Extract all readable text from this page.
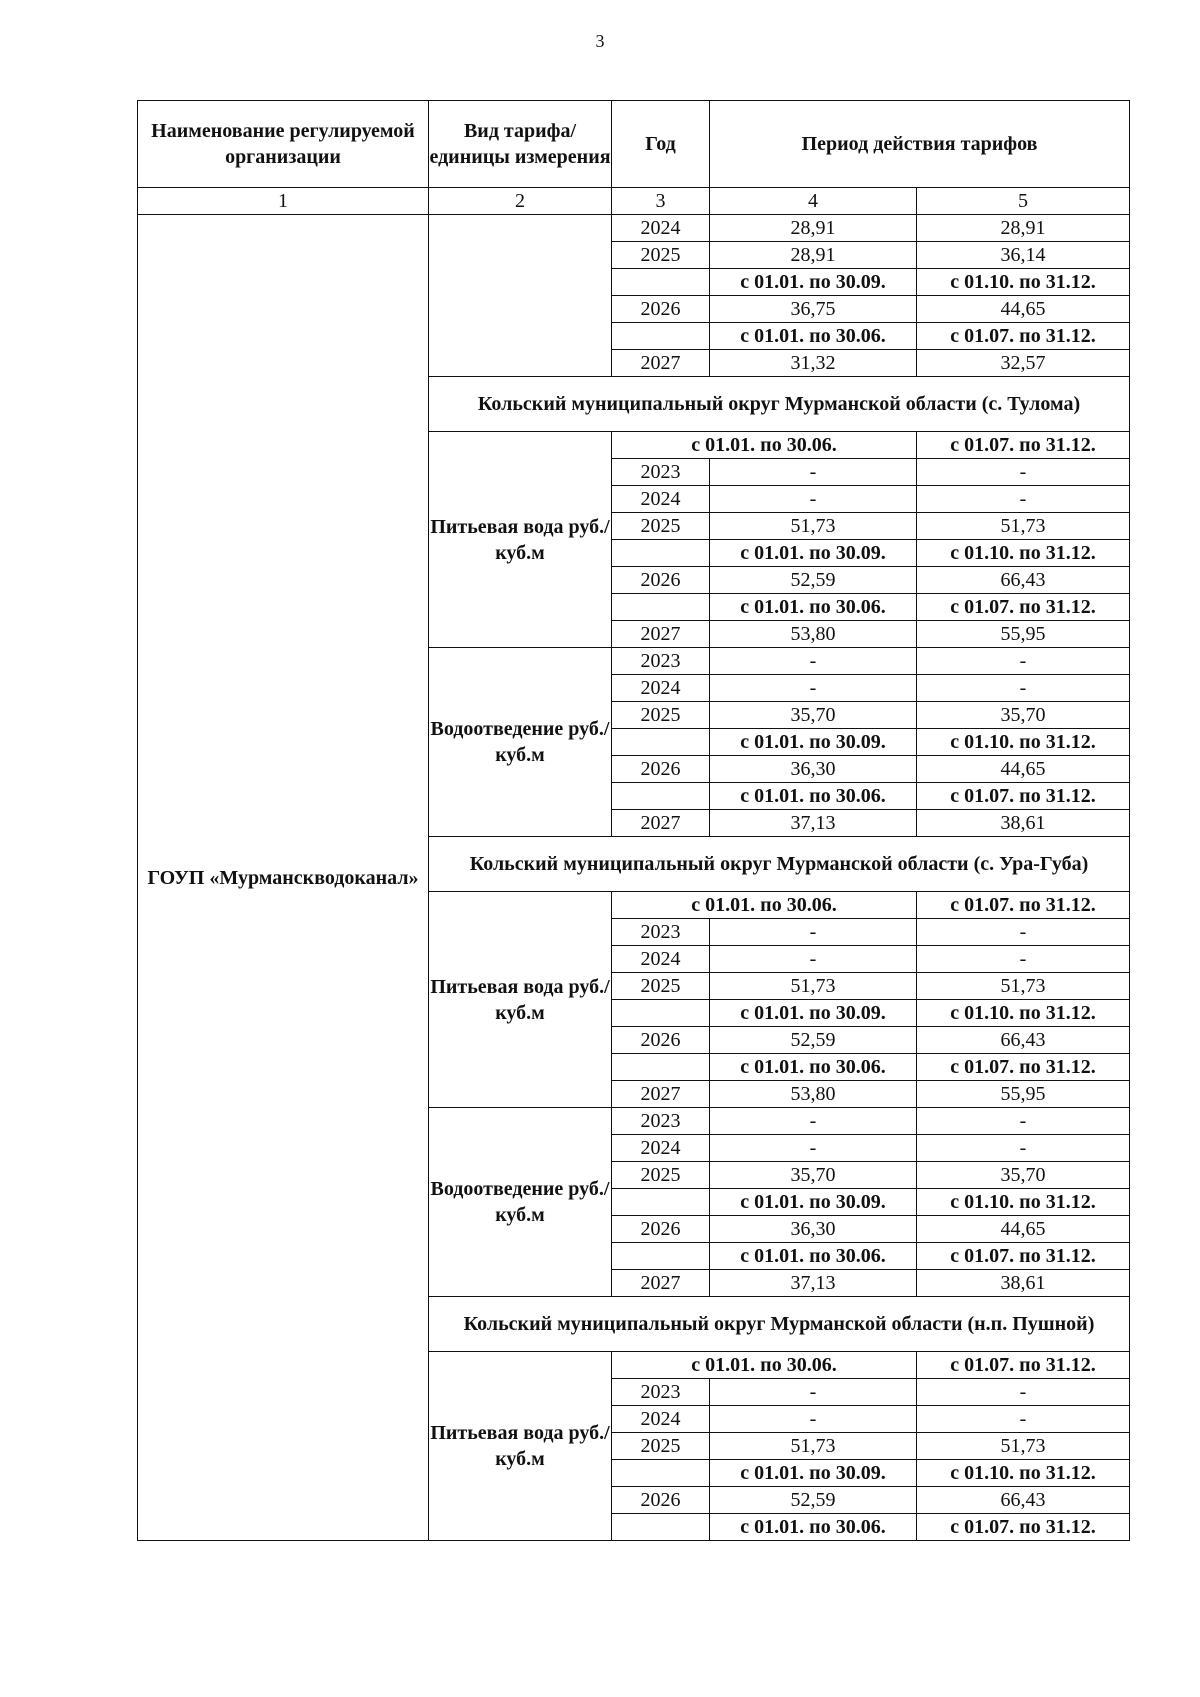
3
Наименование регулируемой организации	Вид тарифа/ единицы измерения	Год	Период действия тарифов	
1	2	3	4	5
ГОУП «Мурманскводоканал»		2024	28,91	28,91
		2025	28,91	36,14
			с 01.01. по 30.09.	с 01.10. по 31.12.
		2026	36,75	44,65
			с 01.01. по 30.06.	с 01.07. по 31.12.
		2027	31,32	32,57
	Кольский муниципальный округ Мурманской области (с. Тулома)			
	Питьевая вода руб./куб.м	с 01.01. по 30.06.		с 01.07. по 31.12.
		2023	-	-
		2024	-	-
		2025	51,73	51,73
			с 01.01. по 30.09.	с 01.10. по 31.12.
		2026	52,59	66,43
			с 01.01. по 30.06.	с 01.07. по 31.12.
		2027	53,80	55,95
	Водоотведение руб./куб.м	2023	-	-
		2024	-	-
		2025	35,70	35,70
			с 01.01. по 30.09.	с 01.10. по 31.12.
		2026	36,30	44,65
			с 01.01. по 30.06.	с 01.07. по 31.12.
		2027	37,13	38,61
	Кольский муниципальный округ Мурманской области (с. Ура-Губа)			
	Питьевая вода руб./куб.м	с 01.01. по 30.06.		с 01.07. по 31.12.
		2023	-	-
		2024	-	-
		2025	51,73	51,73
			с 01.01. по 30.09.	с 01.10. по 31.12.
		2026	52,59	66,43
			с 01.01. по 30.06.	с 01.07. по 31.12.
		2027	53,80	55,95
	Водоотведение руб./куб.м	2023	-	-
		2024	-	-
		2025	35,70	35,70
			с 01.01. по 30.09.	с 01.10. по 31.12.
		2026	36,30	44,65
			с 01.01. по 30.06.	с 01.07. по 31.12.
		2027	37,13	38,61
	Кольский муниципальный округ Мурманской области (н.п. Пушной)			
	Питьевая вода руб./куб.м	с 01.01. по 30.06.		с 01.07. по 31.12.
		2023	-	-
		2024	-	-
		2025	51,73	51,73
			с 01.01. по 30.09.	с 01.10. по 31.12.
		2026	52,59	66,43
			с 01.01. по 30.06.	с 01.07. по 31.12.
